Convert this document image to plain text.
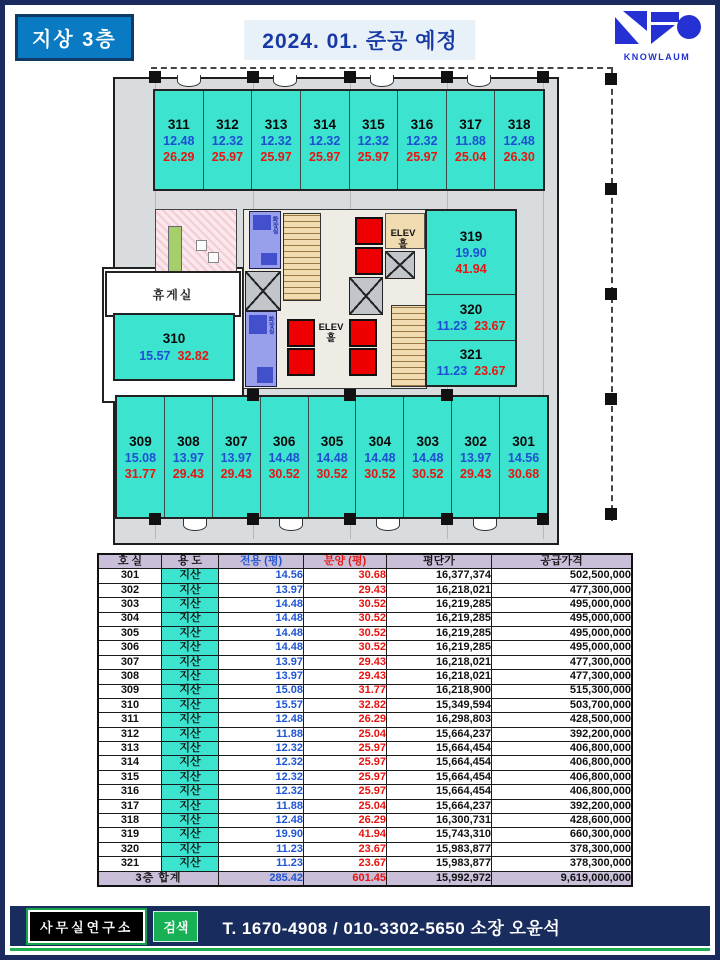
지상 3층	2024. 01. 준공 예정
KNOWLAUM
311
12.48
26.29
312
12.32
25.97
313
12.32
25.97
314
12.32
25.97
315
12.32
25.97
316
12.32
25.97
317
11.88
25.04
318
12.48
26.30
휴게실
310
15.57 32.82
화장실
화장실
ELEV
홀
ELEV
홀
319
19.90
41.94
320
11.23 23.67
321
11.23 23.67
309
15.08
31.77
308
13.97
29.43
307
13.97
29.43
306
14.48
30.52
305
14.48
30.52
304
14.48
30.52
303
14.48
30.52
302
13.97
29.43
301
14.56
30.68
호 실	용 도	전용 (평)	분양 (평)	평단가	공급가격
301	지산	14.56	30.68	16,377,374	502,500,000
302	지산	13.97	29.43	16,218,021	477,300,000
303	지산	14.48	30.52	16,219,285	495,000,000
304	지산	14.48	30.52	16,219,285	495,000,000
305	지산	14.48	30.52	16,219,285	495,000,000
306	지산	14.48	30.52	16,219,285	495,000,000
307	지산	13.97	29.43	16,218,021	477,300,000
308	지산	13.97	29.43	16,218,021	477,300,000
309	지산	15.08	31.77	16,218,900	515,300,000
310	지산	15.57	32.82	15,349,594	503,700,000
311	지산	12.48	26.29	16,298,803	428,500,000
312	지산	11.88	25.04	15,664,237	392,200,000
313	지산	12.32	25.97	15,664,454	406,800,000
314	지산	12.32	25.97	15,664,454	406,800,000
315	지산	12.32	25.97	15,664,454	406,800,000
316	지산	12.32	25.97	15,664,454	406,800,000
317	지산	11.88	25.04	15,664,237	392,200,000
318	지산	12.48	26.29	16,300,731	428,600,000
319	지산	19.90	41.94	15,743,310	660,300,000
320	지산	11.23	23.67	15,983,877	378,300,000
321	지산	11.23	23.67	15,983,877	378,300,000
3층 합계		285.42	601.45	15,992,972	9,619,000,000
사무실연구소	검색	T. 1670-4908 / 010-3302-5650 소장 오윤석
